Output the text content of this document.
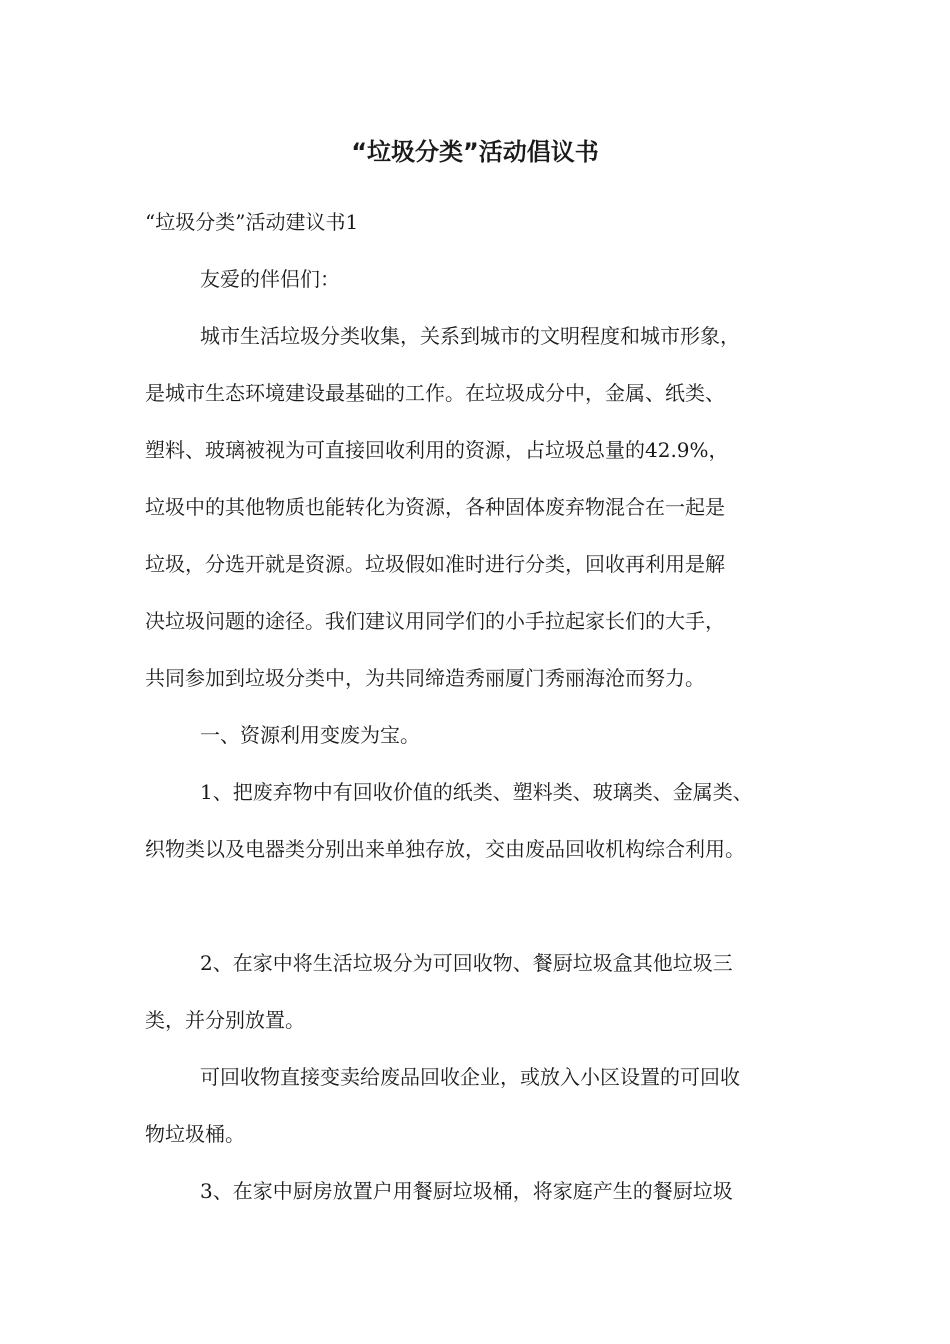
“垃圾分类”活动倡议书

“垃圾分类”活动建议书1

友爱的伴侣们：

城市生活垃圾分类收集，关系到城市的文明程度和城市形象，

是城市生态环境建设最基础的工作。在垃圾成分中，金属、纸类、

塑料、玻璃被视为可直接回收利用的资源，占垃圾总量的42.9%，

垃圾中的其他物质也能转化为资源，各种固体废弃物混合在一起是

垃圾，分选开就是资源。垃圾假如准时进行分类，回收再利用是解

决垃圾问题的途径。我们建议用同学们的小手拉起家长们的大手，

共同参加到垃圾分类中，为共同缔造秀丽厦门秀丽海沧而努力。

一、资源利用变废为宝。

1、把废弃物中有回收价值的纸类、塑料类、玻璃类、金属类、

织物类以及电器类分别出来单独存放，交由废品回收机构综合利用。

2、在家中将生活垃圾分为可回收物、餐厨垃圾盒其他垃圾三

类，并分别放置。

可回收物直接变卖给废品回收企业，或放入小区设置的可回收

物垃圾桶。

3、在家中厨房放置户用餐厨垃圾桶，将家庭产生的餐厨垃圾
